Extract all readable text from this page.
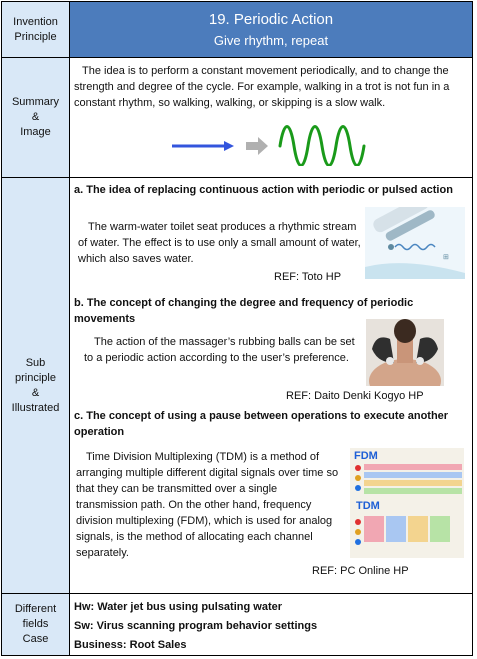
Invention
Principle
19. Periodic Action
Give rhythm, repeat
Summary
&
Image
The idea is to perform a constant movement periodically, and to change the strength and degree of the cycle. For example, walking in a trot is not fun in a constant rhythm, so walking, walking, or skipping is a slow walk.
Sub
principle
&
Illustrated
a. The idea of replacing continuous action with periodic or pulsed action
The warm-water toilet seat produces a rhythmic stream of water. The effect is to use only a small amount of water, which also saves water.
REF: Toto HP
⊞
b. The concept of changing the degree and frequency of periodic movements
The action of the massager’s rubbing balls can be set to a periodic action according to the user’s preference.
REF: Daito Denki Kogyo HP
c. The concept of using a pause between operations to execute another operation
Time Division Multiplexing (TDM) is a method of arranging multiple different digital signals over time so that they can be transmitted over a single transmission path. On the other hand, frequency division multiplexing (FDM), which is used for analog signals, is the method of allocating each channel separately.
REF: PC Online HP
FDM
TDM
Different
fields
Case
Hw: Water jet bus using pulsating water
Sw: Virus scanning program behavior settings
Business: Root Sales
